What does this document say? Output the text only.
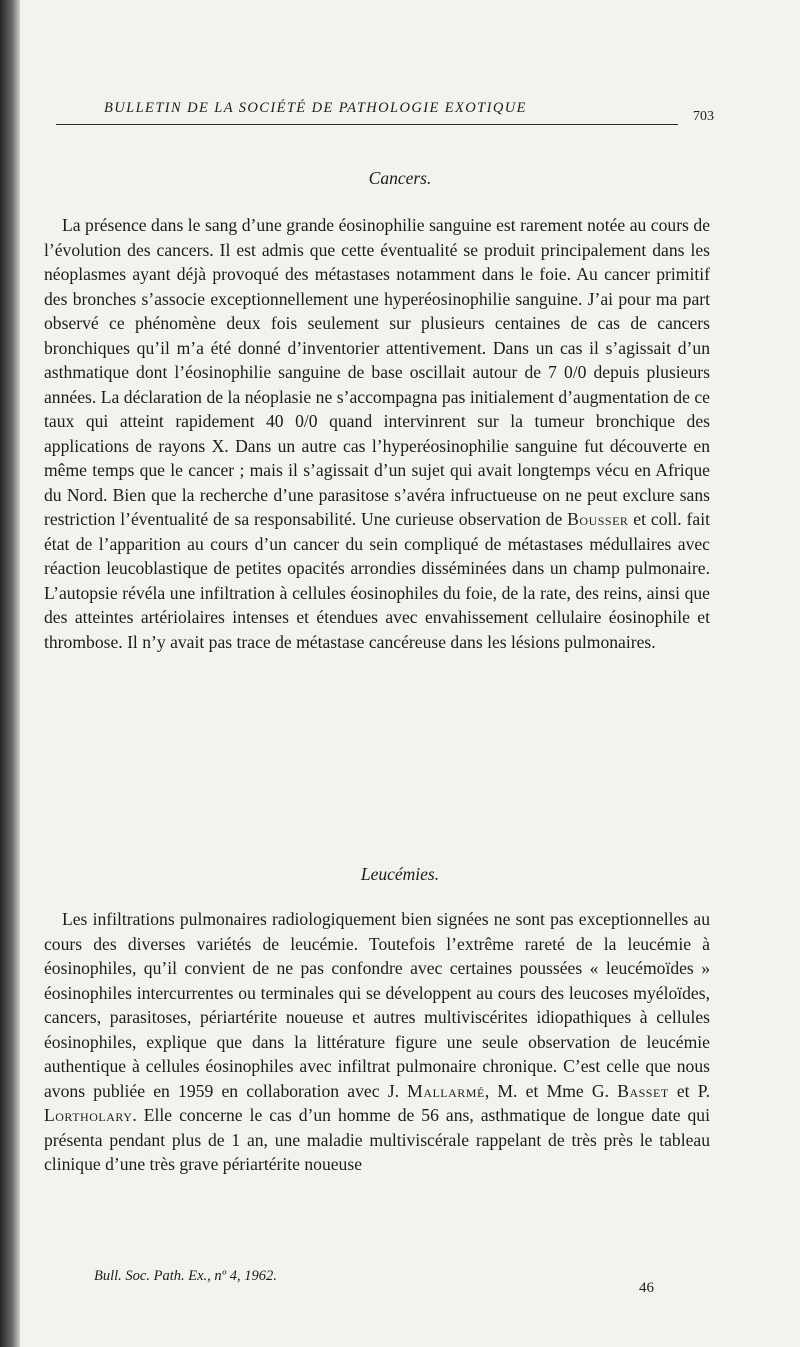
BULLETIN DE LA SOCIÉTÉ DE PATHOLOGIE EXOTIQUE
703
Cancers.

La présence dans le sang d’une grande éosinophilie sanguine est rarement notée au cours de l’évolution des cancers. Il est admis que cette éventualité se produit principalement dans les néoplasmes ayant déjà provoqué des métastases notamment dans le foie. Au cancer primitif des bronches s’associe exceptionnellement une hyperéosinophilie sanguine. J’ai pour ma part observé ce phénomène deux fois seulement sur plusieurs centaines de cas de cancers bronchiques qu’il m’a été donné d’inventorier attentivement. Dans un cas il s’agissait d’un asthmatique dont l’éosinophilie sanguine de base oscillait autour de 7 0/0 depuis plusieurs années. La déclaration de la néoplasie ne s’accompagna pas initialement d’augmentation de ce taux qui atteint rapidement 40 0/0 quand intervinrent sur la tumeur bronchique des applications de rayons X. Dans un autre cas l’hyperéosinophilie sanguine fut découverte en même temps que le cancer ; mais il s’agissait d’un sujet qui avait longtemps vécu en Afrique du Nord. Bien que la recherche d’une parasitose s’avéra infructueuse on ne peut exclure sans restriction l’éventualité de sa responsabilité. Une curieuse observation de Bousser et coll. fait état de l’apparition au cours d’un cancer du sein compliqué de métastases médullaires avec réaction leucoblastique de petites opacités arrondies disséminées dans un champ pulmonaire. L’autopsie révéla une infiltration à cellules éosinophiles du foie, de la rate, des reins, ainsi que des atteintes artériolaires intenses et étendues avec envahissement cellulaire éosinophile et thrombose. Il n’y avait pas trace de métastase cancéreuse dans les lésions pulmonaires.

Leucémies.

Les infiltrations pulmonaires radiologiquement bien signées ne sont pas exceptionnelles au cours des diverses variétés de leucémie. Toutefois l’extrême rareté de la leucémie à éosinophiles, qu’il convient de ne pas confondre avec certaines poussées « leucémoïdes » éosinophiles intercurrentes ou terminales qui se développent au cours des leucoses myéloïdes, cancers, parasitoses, périartérite noueuse et autres multiviscérites idiopathiques à cellules éosinophiles, explique que dans la littérature figure une seule observation de leucémie authentique à cellules éosinophiles avec infiltrat pulmonaire chronique. C’est celle que nous avons publiée en 1959 en collaboration avec J. Mallarmé, M. et Mme G. Basset et P. Lortholary. Elle concerne le cas d’un homme de 56 ans, asthmatique de longue date qui présenta pendant plus de 1 an, une maladie multiviscérale rappelant de très près le tableau clinique d’une très grave périartérite noueuse

Bull. Soc. Path. Ex., nº 4, 1962.
46
